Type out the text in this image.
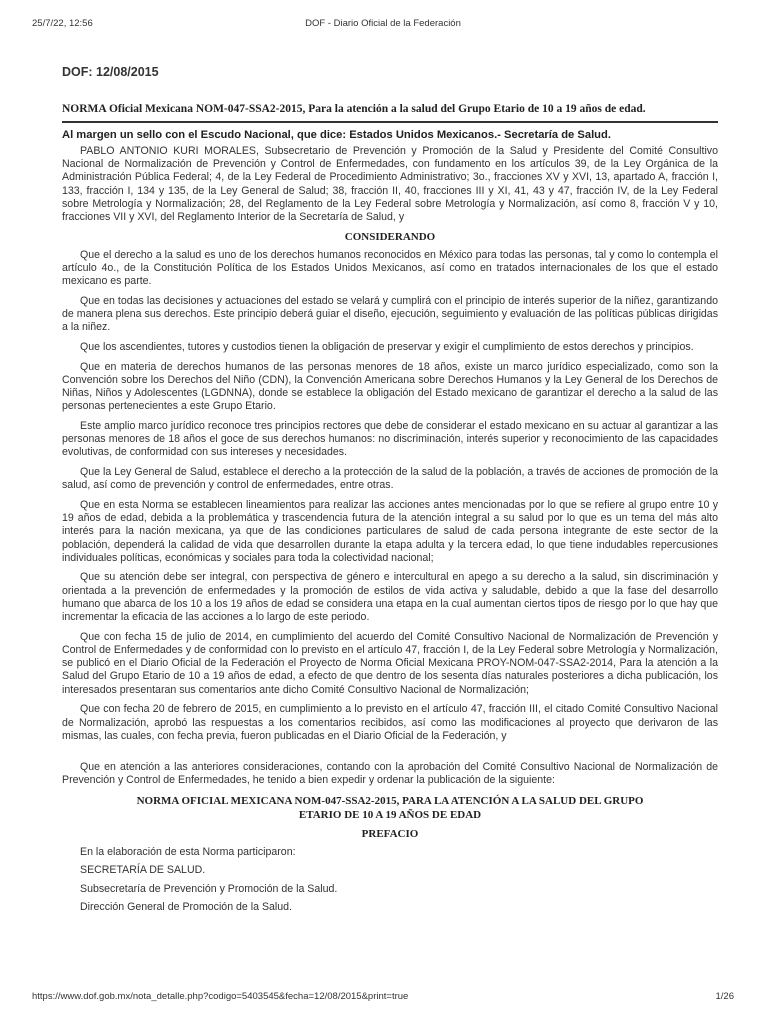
25/7/22, 12:56	DOF - Diario Oficial de la Federación
DOF: 12/08/2015
NORMA Oficial Mexicana NOM-047-SSA2-2015, Para la atención a la salud del Grupo Etario de 10 a 19 años de edad.
Al margen un sello con el Escudo Nacional, que dice: Estados Unidos Mexicanos.- Secretaría de Salud.

PABLO ANTONIO KURI MORALES, Subsecretario de Prevención y Promoción de la Salud y Presidente del Comité Consultivo Nacional de Normalización de Prevención y Control de Enfermedades, con fundamento en los artículos 39, de la Ley Orgánica de la Administración Pública Federal; 4, de la Ley Federal de Procedimiento Administrativo; 3o., fracciones XV y XVI, 13, apartado A, fracción I, 133, fracción I, 134 y 135, de la Ley General de Salud; 38, fracción II, 40, fracciones III y XI, 41, 43 y 47, fracción IV, de la Ley Federal sobre Metrología y Normalización; 28, del Reglamento de la Ley Federal sobre Metrología y Normalización, así como 8, fracción V y 10, fracciones VII y XVI, del Reglamento Interior de la Secretaría de Salud, y

CONSIDERANDO

Que el derecho a la salud es uno de los derechos humanos reconocidos en México para todas las personas, tal y como lo contempla el artículo 4o., de la Constitución Política de los Estados Unidos Mexicanos, así como en tratados internacionales de los que el estado mexicano es parte.

Que en todas las decisiones y actuaciones del estado se velará y cumplirá con el principio de interés superior de la niñez, garantizando de manera plena sus derechos. Este principio deberá guiar el diseño, ejecución, seguimiento y evaluación de las políticas públicas dirigidas a la niñez.

Que los ascendientes, tutores y custodios tienen la obligación de preservar y exigir el cumplimiento de estos derechos y principios.

Que en materia de derechos humanos de las personas menores de 18 años, existe un marco jurídico especializado, como son la Convención sobre los Derechos del Niño (CDN), la Convención Americana sobre Derechos Humanos y la Ley General de los Derechos de Niñas, Niños y Adolescentes (LGDNNA), donde se establece la obligación del Estado mexicano de garantizar el derecho a la salud de las personas pertenecientes a este Grupo Etario.

Este amplio marco jurídico reconoce tres principios rectores que debe de considerar el estado mexicano en su actuar al garantizar a las personas menores de 18 años el goce de sus derechos humanos: no discriminación, interés superior y reconocimiento de las capacidades evolutivas, de conformidad con sus intereses y necesidades.

Que la Ley General de Salud, establece el derecho a la protección de la salud de la población, a través de acciones de promoción de la salud, así como de prevención y control de enfermedades, entre otras.

Que en esta Norma se establecen lineamientos para realizar las acciones antes mencionadas por lo que se refiere al grupo entre 10 y 19 años de edad, debida a la problemática y trascendencia futura de la atención integral a su salud por lo que es un tema del más alto interés para la nación mexicana, ya que de las condiciones particulares de salud de cada persona integrante de este sector de la población, dependerá la calidad de vida que desarrollen durante la etapa adulta y la tercera edad, lo que tiene indudables repercusiones individuales políticas, económicas y sociales para toda la colectividad nacional;

Que su atención debe ser integral, con perspectiva de género e intercultural en apego a su derecho a la salud, sin discriminación y orientada a la prevención de enfermedades y la promoción de estilos de vida activa y saludable, debido a que la fase del desarrollo humano que abarca de los 10 a los 19 años de edad se considera una etapa en la cual aumentan ciertos tipos de riesgo por lo que hay que incrementar la eficacia de las acciones a lo largo de este periodo.

Que con fecha 15 de julio de 2014, en cumplimiento del acuerdo del Comité Consultivo Nacional de Normalización de Prevención y Control de Enfermedades y de conformidad con lo previsto en el artículo 47, fracción I, de la Ley Federal sobre Metrología y Normalización, se publicó en el Diario Oficial de la Federación el Proyecto de Norma Oficial Mexicana PROY-NOM-047-SSA2-2014, Para la atención a la Salud del Grupo Etario de 10 a 19 años de edad, a efecto de que dentro de los sesenta días naturales posteriores a dicha publicación, los interesados presentaran sus comentarios ante dicho Comité Consultivo Nacional de Normalización;

Que con fecha 20 de febrero de 2015, en cumplimiento a lo previsto en el artículo 47, fracción III, el citado Comité Consultivo Nacional de Normalización, aprobó las respuestas a los comentarios recibidos, así como las modificaciones al proyecto que derivaron de las mismas, las cuales, con fecha previa, fueron publicadas en el Diario Oficial de la Federación, y

Que en atención a las anteriores consideraciones, contando con la aprobación del Comité Consultivo Nacional de Normalización de Prevención y Control de Enfermedades, he tenido a bien expedir y ordenar la publicación de la siguiente:

NORMA OFICIAL MEXICANA NOM-047-SSA2-2015, PARA LA ATENCIÓN A LA SALUD DEL GRUPO
ETARIO DE 10 A 19 AÑOS DE EDAD
PREFACIO
En la elaboración de esta Norma participaron:
SECRETARÍA DE SALUD.
Subsecretaría de Prevención y Promoción de la Salud.
Dirección General de Promoción de la Salud.
https://www.dof.gob.mx/nota_detalle.php?codigo=5403545&fecha=12/08/2015&print=true	1/26
